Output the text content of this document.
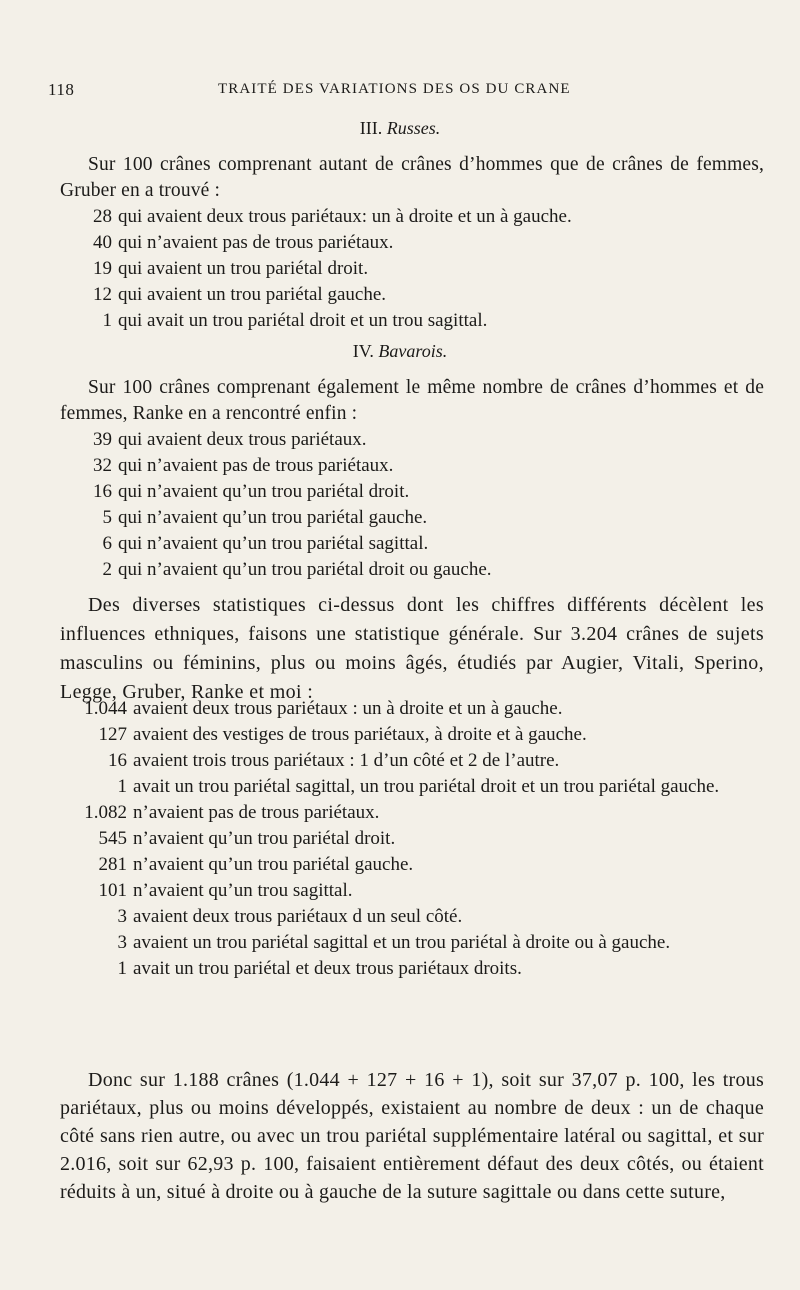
118	TRAITÉ DES VARIATIONS DES OS DU CRANE
III. Russes.

Sur 100 crânes comprenant autant de crânes d’hommes que de crânes de femmes, Gruber en a trouvé :

28 qui avaient deux trous pariétaux: un à droite et un à gauche.
40 qui n’avaient pas de trous pariétaux.
19 qui avaient un trou pariétal droit.
12 qui avaient un trou pariétal gauche.
1 qui avait un trou pariétal droit et un trou sagittal.
IV. Bavarois.

Sur 100 crânes comprenant également le même nombre de crânes d’hommes et de femmes, Ranke en a rencontré enfin :

39 qui avaient deux trous pariétaux.
32 qui n’avaient pas de trous pariétaux.
16 qui n’avaient qu’un trou pariétal droit.
5 qui n’avaient qu’un trou pariétal gauche.
6 qui n’avaient qu’un trou pariétal sagittal.
2 qui n’avaient qu’un trou pariétal droit ou gauche.

Des diverses statistiques ci-dessus dont les chiffres différents décèlent les influences ethniques, faisons une statistique générale. Sur 3.204 crânes de sujets masculins ou féminins, plus ou moins âgés, étudiés par Augier, Vitali, Sperino, Legge, Gruber, Ranke et moi :

1.044 avaient deux trous pariétaux : un à droite et un à gauche.
127 avaient des vestiges de trous pariétaux, à droite et à gauche.
16 avaient trois trous pariétaux : 1 d’un côté et 2 de l’autre.
1 avait un trou pariétal sagittal, un trou pariétal droit et un trou pariétal gauche.
1.082 n’avaient pas de trous pariétaux.
545 n’avaient qu’un trou pariétal droit.
281 n’avaient qu’un trou pariétal gauche.
101 n’avaient qu’un trou sagittal.
3 avaient deux trous pariétaux d un seul côté.
3 avaient un trou pariétal sagittal et un trou pariétal à droite ou à gauche.
1 avait un trou pariétal et deux trous pariétaux droits.

Donc sur 1.188 crânes (1.044 + 127 + 16 + 1), soit sur 37,07 p. 100, les trous pariétaux, plus ou moins développés, existaient au nombre de deux : un de chaque côté sans rien autre, ou avec un trou pariétal supplémentaire latéral ou sagittal, et sur 2.016, soit sur 62,93 p. 100, faisaient entièrement défaut des deux côtés, ou étaient réduits à un, situé à droite ou à gauche de la suture sagittale ou dans cette suture,
